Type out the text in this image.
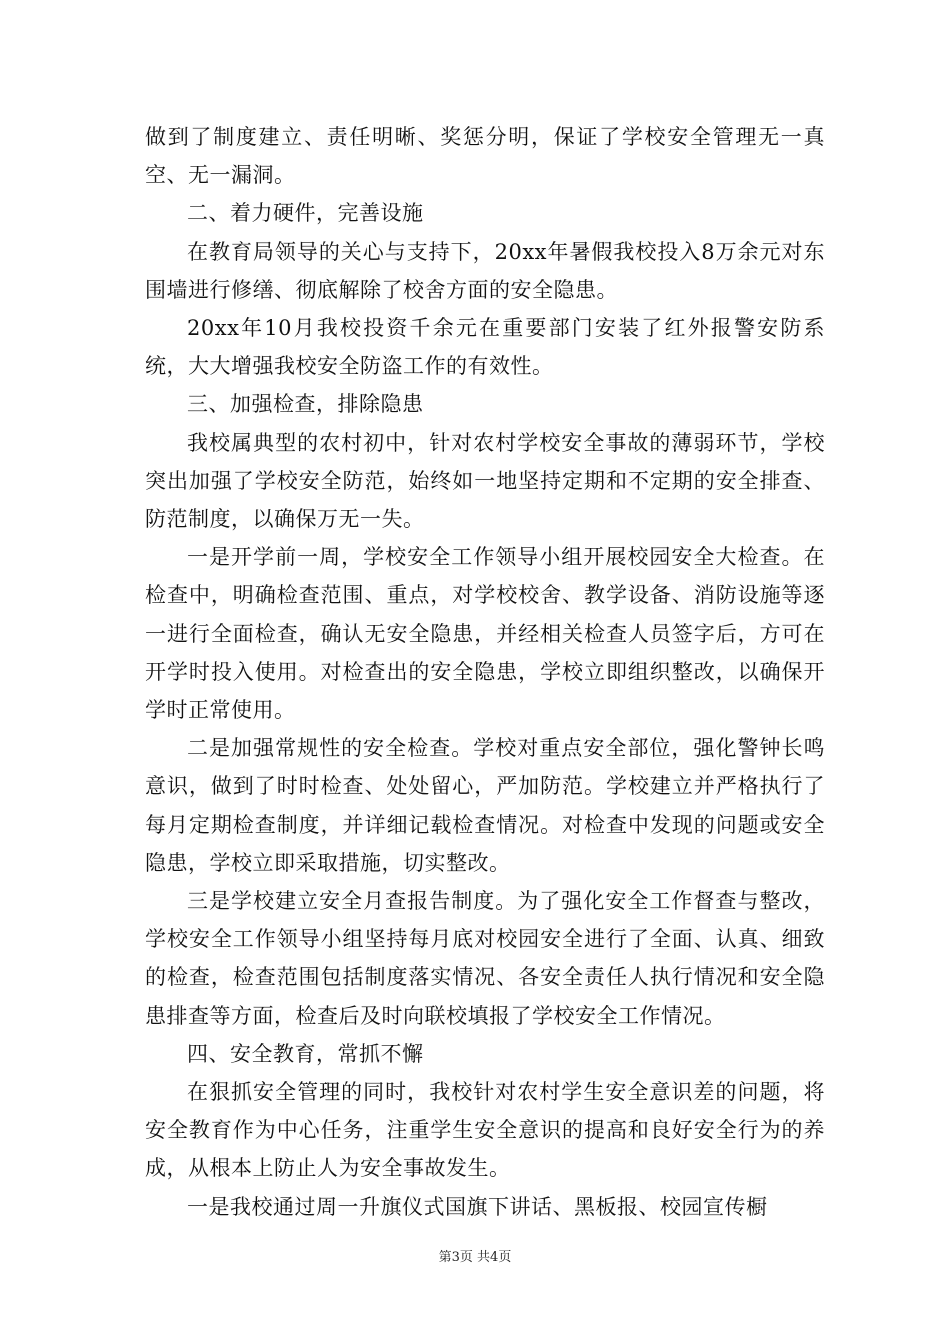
做到了制度建立、责任明晰、奖惩分明，保证了学校安全管理无一真空、无一漏洞。

二、着力硬件，完善设施

在教育局领导的关心与支持下，20xx年暑假我校投入8万余元对东围墙进行修缮、彻底解除了校舍方面的安全隐患。

20xx年10月我校投资千余元在重要部门安装了红外报警安防系统，大大增强我校安全防盗工作的有效性。

三、加强检查，排除隐患

我校属典型的农村初中，针对农村学校安全事故的薄弱环节，学校突出加强了学校安全防范，始终如一地坚持定期和不定期的安全排查、防范制度，以确保万无一失。

一是开学前一周，学校安全工作领导小组开展校园安全大检查。在检查中，明确检查范围、重点，对学校校舍、教学设备、消防设施等逐一进行全面检查，确认无安全隐患，并经相关检查人员签字后，方可在开学时投入使用。对检查出的安全隐患，学校立即组织整改，以确保开学时正常使用。

二是加强常规性的安全检查。学校对重点安全部位，强化警钟长鸣意识，做到了时时检查、处处留心，严加防范。学校建立并严格执行了每月定期检查制度，并详细记载检查情况。对检查中发现的问题或安全隐患，学校立即采取措施，切实整改。

三是学校建立安全月查报告制度。为了强化安全工作督查与整改，学校安全工作领导小组坚持每月底对校园安全进行了全面、认真、细致的检查，检查范围包括制度落实情况、各安全责任人执行情况和安全隐患排查等方面，检查后及时向联校填报了学校安全工作情况。

四、安全教育，常抓不懈

在狠抓安全管理的同时，我校针对农村学生安全意识差的问题，将安全教育作为中心任务，注重学生安全意识的提高和良好安全行为的养成，从根本上防止人为安全事故发生。

一是我校通过周一升旗仪式国旗下讲话、黑板报、校园宣传橱

第3页 共4页
